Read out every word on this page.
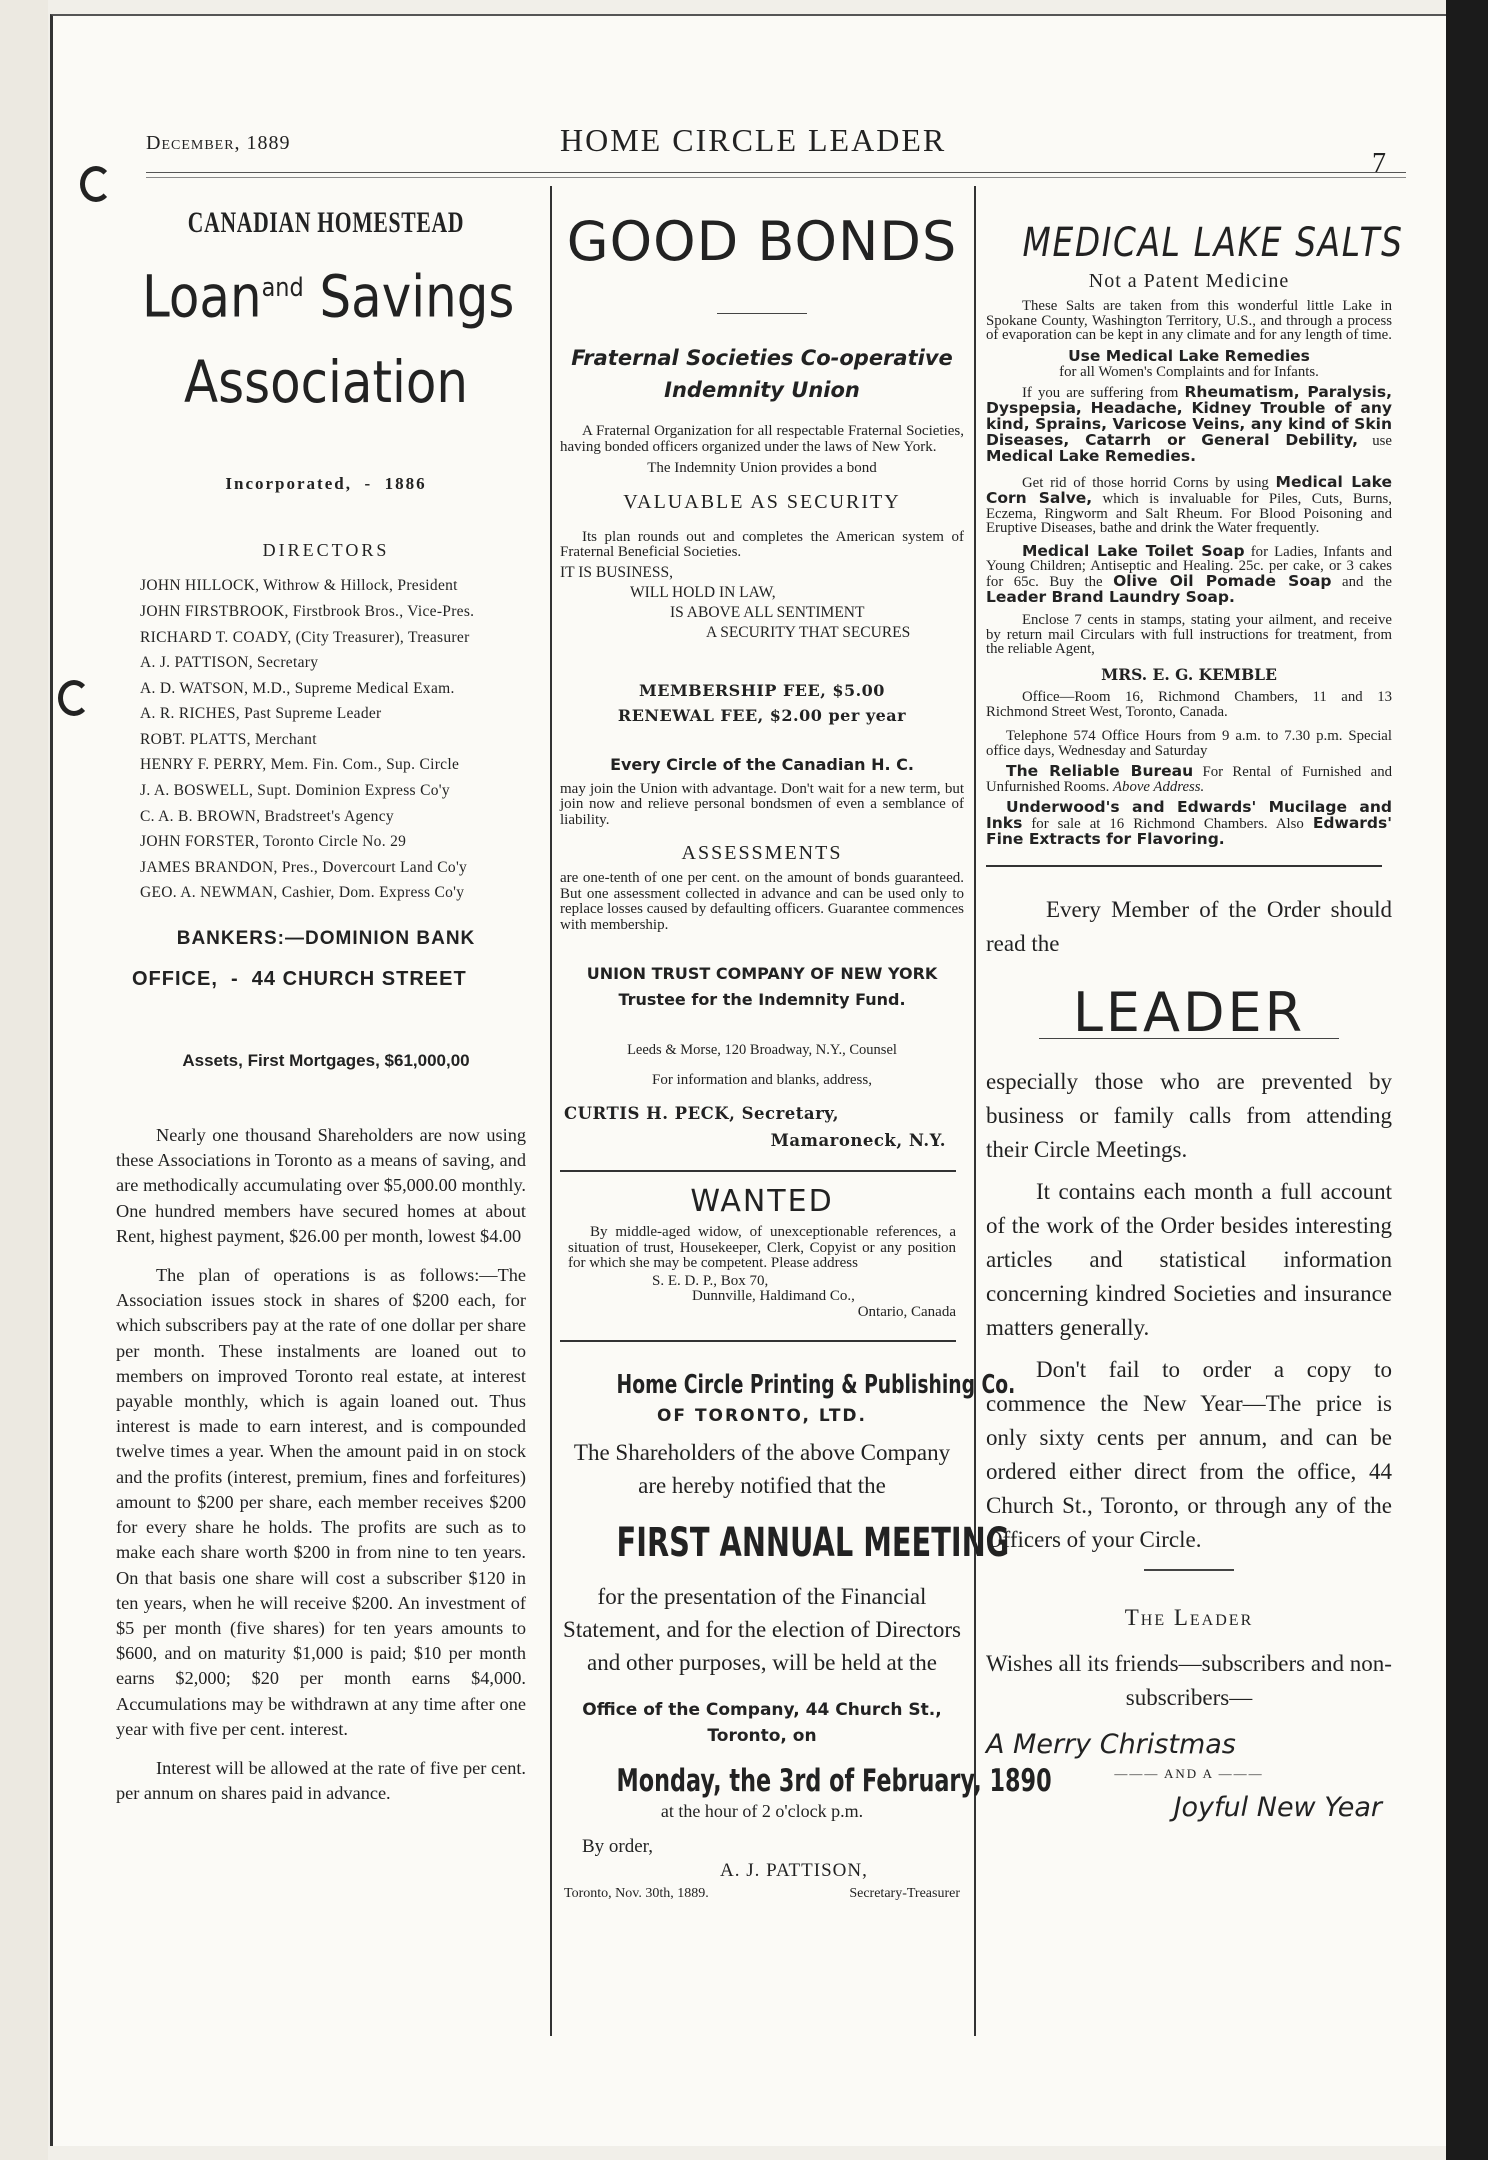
December, 1889	HOME CIRCLE LEADER
7
CANADIAN HOMESTEAD
Loan$^{and}$ Savings
Association
Incorporated,  -  1886
DIRECTORS
JOHN HILLOCK, Withrow & Hillock, President
JOHN FIRSTBROOK, Firstbrook Bros., Vice-Pres.
RICHARD T. COADY, (City Treasurer), Treasurer
A. J. PATTISON, Secretary
A. D. WATSON, M.D., Supreme Medical Exam.
A. R. RICHES, Past Supreme Leader
ROBT. PLATTS, Merchant
HENRY F. PERRY, Mem. Fin. Com., Sup. Circle
J. A. BOSWELL, Supt. Dominion Express Co'y
C. A. B. BROWN, Bradstreet's Agency
JOHN FORSTER, Toronto Circle No. 29
JAMES BRANDON, Pres., Dovercourt Land Co'y
GEO. A. NEWMAN, Cashier, Dom. Express Co'y
BANKERS:—DOMINION BANK
OFFICE,  -  44 CHURCH STREET
Assets, First Mortgages, $61,000,00

Nearly one thousand Shareholders are now using these Associations in Toronto as a means of saving, and are methodically accumulating over $5,000.00 monthly. One hundred members have secured homes at about Rent, highest payment, $26.00 per month, lowest $4.00

The plan of operations is as follows:—The Association issues stock in shares of $200 each, for which subscribers pay at the rate of one dollar per share per month. These instalments are loaned out to members on improved Toronto real estate, at interest payable monthly, which is again loaned out. Thus interest is made to earn interest, and is compounded twelve times a year. When the amount paid in on stock and the profits (interest, premium, fines and forfeitures) amount to $200 per share, each member receives $200 for every share he holds. The profits are such as to make each share worth $200 in from nine to ten years. On that basis one share will cost a subscriber $120 in ten years, when he will receive $200. An investment of $5 per month (five shares) for ten years amounts to $600, and on maturity $1,000 is paid; $10 per month earns $2,000; $20 per month earns $4,000. Accumulations may be withdrawn at any time after one year with five per cent. interest.

Interest will be allowed at the rate of five per cent. per annum on shares paid in advance.

GOOD BONDS
Fraternal Societies Co-operative
Indemnity Union
A Fraternal Organization for all respectable Fraternal Societies, having bonded officers organized under the laws of New York.
The Indemnity Union provides a bond
VALUABLE AS SECURITY
Its plan rounds out and completes the American system of Fraternal Beneficial Societies.
IT IS BUSINESS,
WILL HOLD IN LAW,
IS ABOVE ALL SENTIMENT
A SECURITY THAT SECURES
MEMBERSHIP FEE, $5.00
RENEWAL FEE, $2.00 per year
Every Circle of the Canadian H. C.
may join the Union with advantage. Don't wait for a new term, but join now and relieve personal bondsmen of even a semblance of liability.
ASSESSMENTS
are one-tenth of one per cent. on the amount of bonds guaranteed. But one assessment collected in advance and can be used only to replace losses caused by defaulting officers. Guarantee commences with membership.
UNION TRUST COMPANY OF NEW YORK
Trustee for the Indemnity Fund.
Leeds & Morse, 120 Broadway, N.Y., Counsel
For information and blanks, address,
CURTIS H. PECK, Secretary,
Mamaroneck, N.Y.
WANTED
By middle-aged widow, of unexceptionable references, a situation of trust, Housekeeper, Clerk, Copyist or any position for which she may be competent. Please address
S. E. D. P., Box 70,
Dunnville, Haldimand Co.,
Ontario, Canada
Home Circle Printing & Publishing Co.
OF TORONTO, LTD.
The Shareholders of the above Company are hereby notified that the
FIRST ANNUAL MEETING
for the presentation of the Financial Statement, and for the election of Directors and other purposes, will be held at the
Office of the Company, 44 Church St., Toronto, on
Monday, the 3rd of February, 1890
at the hour of 2 o'clock p.m.
By order,
A. J. PATTISON,
Toronto, Nov. 30th, 1889.	Secretary-Treasurer
MEDICAL LAKE SALTS
Not a Patent Medicine
These Salts are taken from this wonderful little Lake in Spokane County, Washington Territory, U.S., and through a process of evaporation can be kept in any climate and for any length of time.
Use Medical Lake Remedies
for all Women's Complaints and for Infants.
If you are suffering from Rheumatism, Paralysis, Dyspepsia, Headache, Kidney Trouble of any kind, Sprains, Varicose Veins, any kind of Skin Diseases, Catarrh or General Debility, use Medical Lake Remedies.
Get rid of those horrid Corns by using Medical Lake Corn Salve, which is invaluable for Piles, Cuts, Burns, Eczema, Ringworm and Salt Rheum. For Blood Poisoning and Eruptive Diseases, bathe and drink the Water frequently.
Medical Lake Toilet Soap for Ladies, Infants and Young Children; Antiseptic and Healing. 25c. per cake, or 3 cakes for 65c. Buy the Olive Oil Pomade Soap and the Leader Brand Laundry Soap.
Enclose 7 cents in stamps, stating your ailment, and receive by return mail Circulars with full instructions for treatment, from the reliable Agent,
MRS. E. G. KEMBLE
Office—Room 16, Richmond Chambers, 11 and 13 Richmond Street West, Toronto, Canada.
Telephone 574 Office Hours from 9 a.m. to 7.30 p.m. Special office days, Wednesday and Saturday
The Reliable Bureau For Rental of Furnished and Unfurnished Rooms. Above Address.
Underwood's and Edwards' Mucilage and Inks for sale at 16 Richmond Chambers. Also Edwards' Fine Extracts for Flavoring.
Every Member of the Order should read the
LEADER
especially those who are prevented by business or family calls from attending their Circle Meetings.
It contains each month a full account of the work of the Order besides interesting articles and statistical information concerning kindred Societies and insurance matters generally.
Don't fail to order a copy to commence the New Year—The price is only sixty cents per annum, and can be ordered either direct from the office, 44 Church St., Toronto, or through any of the Officers of your Circle.
The Leader
Wishes all its friends—subscribers and non-subscribers—
A Merry Christmas
——— AND A ———
Joyful New Year
